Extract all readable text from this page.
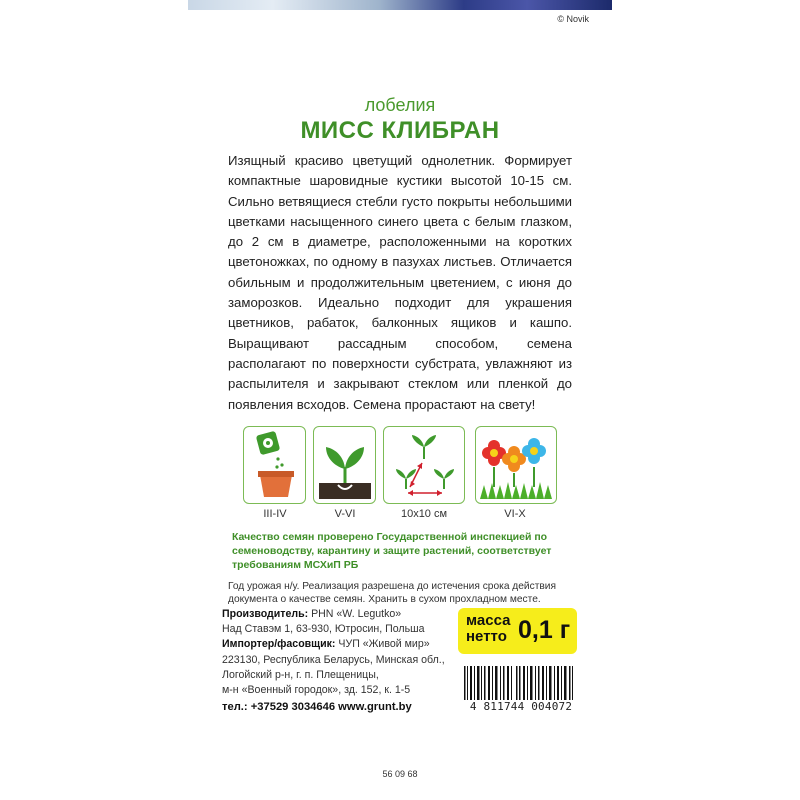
© Novik
лобелия
МИСС КЛИБРАН
Изящный красиво цветущий однолетник. Формирует компактные шаровидные кустики высотой 10-15 см. Сильно ветвящиеся стебли густо покрыты небольшими цветками насыщенного синего цвета с белым глазком, до 2 см в диаметре, расположенными на коротких цветоножках, по одному в пазухах листьев. Отличается обильным и продолжительным цветением, с июня до заморозков. Идеально подходит для украшения цветников, рабаток, балконных ящиков и кашпо. Выращивают рассадным способом, семена располагают по поверхности субстрата, увлажняют из распылителя и закрывают стеклом или пленкой до появления всходов. Семена прорастают на свету!
III-IV	V-VI	10х10 см	VI-X
Качество семян проверено Государственной инспекцией по семеноводству, карантину и защите растений, соответствует требованиям МСХиП РБ
Год урожая н/у. Реализация разрешена до истечения срока действия документа о качестве семян. Хранить в сухом прохладном месте.
Производитель: PHN «W. Legutko»
Над Ставэм 1, 63-930, Ютросин, Польша
Импортер/фасовщик: ЧУП «Живой мир»
223130, Республика Беларусь, Минская обл.,
Логойский р-н, г. п. Плещеницы,
м-н «Военный городок», зд. 152, к. 1-5
тел.: +37529 3034646 www.grunt.by
масса
нетто 0,1 г
4 811744 004072
56 09 68
